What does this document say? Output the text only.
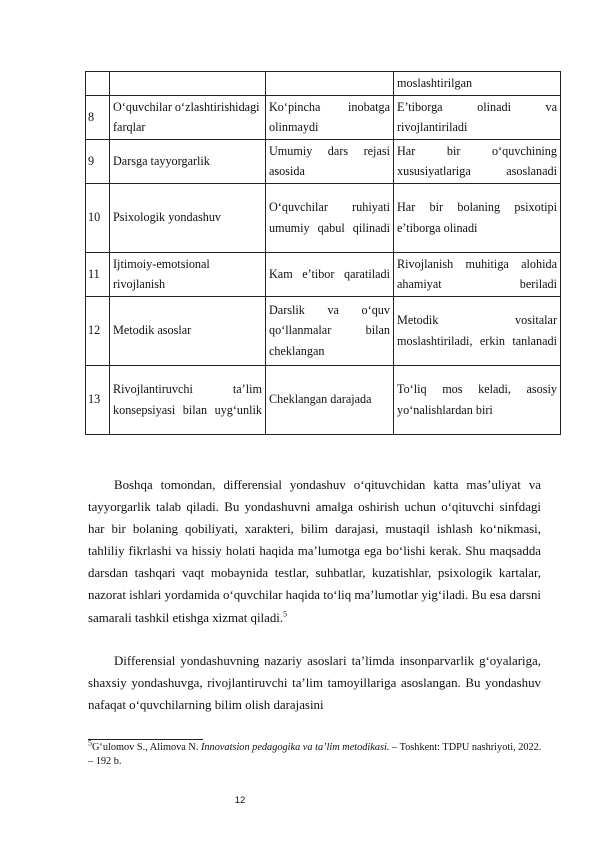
			moslashtirilgan
8	O‘quvchilar o‘zlashtirishidagi farqlar	Ko‘pincha inobatga olinmaydi	E’tiborga olinadi va rivojlantiriladi
9	Darsga tayyorgarlik	Umumiy dars rejasi asosida	Har bir o‘quvchining xususiyatlariga asoslanadi
10	Psixologik yondashuv	O‘quvchilar ruhiyati umumiy qabul qilinadi	Har bir bolaning psixotipi e’tiborga olinadi
11	Ijtimoiy-emotsional rivojlanish	Kam e’tibor qaratiladi	Rivojlanish muhitiga alohida ahamiyat beriladi
12	Metodik asoslar	Darslik va o‘quv qo‘llanmalar bilan cheklangan	Metodik vositalar moslashtiriladi, erkin tanlanadi
13	Rivojlantiruvchi ta’lim konsepsiyasi bilan uyg‘unlik	Cheklangan darajada	To‘liq mos keladi, asosiy yo‘nalishlardan biri

Boshqa tomondan, differensial yondashuv o‘qituvchidan katta mas’uliyat va tayyorgarlik talab qiladi. Bu yondashuvni amalga oshirish uchun o‘qituvchi sinfdagi har bir bolaning qobiliyati, xarakteri, bilim darajasi, mustaqil ishlash ko‘nikmasi, tahliliy fikrlashi va hissiy holati haqida ma’lumotga ega bo‘lishi kerak. Shu maqsadda darsdan tashqari vaqt mobaynida testlar, suhbatlar, kuzatishlar, psixologik kartalar, nazorat ishlari yordamida o‘quvchilar haqida to‘liq ma’lumotlar yig‘iladi. Bu esa darsni samarali tashkil etishga xizmat qiladi.$^5$

Differensial yondashuvning nazariy asoslari ta’limda insonparvarlik g‘oyalariga, shaxsiy yondashuvga, rivojlantiruvchi ta’lim tamoyillariga asoslangan. Bu yondashuv nafaqat o‘quvchilarning bilim olish darajasini

$^5$G‘ulomov S., Alimova N. Innovatsion pedagogika va ta’lim metodikasi. – Toshkent: TDPU nashriyoti, 2022. – 192 b.

12
